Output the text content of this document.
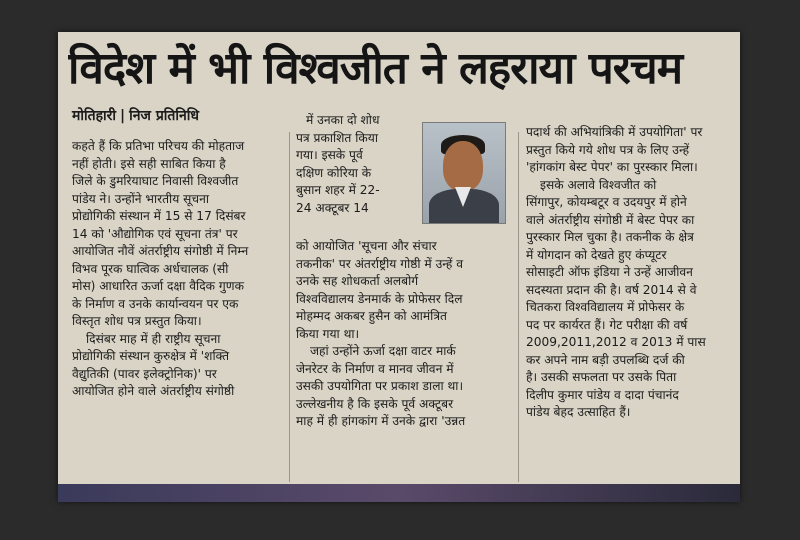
विदेश में भी विश्वजीत ने लहराया परचम
मोतिहारी | निज प्रतिनिधि

कहते हैं कि प्रतिभा परिचय की मोहताज

नहीं होती। इसे सही साबित किया है

जिले के डुमरियाघाट निवासी विश्वजीत

पांडेय ने। उन्होंने भारतीय सूचना

प्रोद्योगिकी संस्थान में 15 से 17 दिसंबर

14 को 'औद्योगिक एवं सूचना तंत्र' पर

आयोजित नौवें अंतर्राष्ट्रीय संगोष्ठी में निम्न

विभव पूरक घात्विक अर्धचालक (सी

मोस) आधारित ऊर्जा दक्षा वैदिक गुणक

के निर्माण व उनके कार्यान्वयन पर एक

विस्तृत शोध पत्र प्रस्तुत किया।

दिसंबर माह में ही राष्ट्रीय सूचना

प्रोद्योगिकी संस्थान कुरुक्षेत्र में 'शक्ति

वैद्युतिकी (पावर इलेक्ट्रोनिक)' पर

आयोजित होने वाले अंतर्राष्ट्रीय संगोष्ठी

में उनका दो शोध

पत्र प्रकाशित किया

गया। इसके पूर्व

दक्षिण कोरिया के

बुसान शहर में 22-

24 अक्टूबर 14

को आयोजित 'सूचना और संचार

तकनीक' पर अंतर्राष्ट्रीय गोष्ठी में उन्हें व

उनके सह शोधकर्ता अलबोर्ग

विश्वविद्यालय डेनमार्क के प्रोफेसर दिल

मोहम्मद अकबर हुसैन को आमंत्रित

किया गया था।

जहां उन्होंने ऊर्जा दक्षा वाटर मार्क

जेनरेटर के निर्माण व मानव जीवन में

उसकी उपयोगिता पर प्रकाश डाला था।

उल्लेखनीय है कि इसके पूर्व अक्टूबर

माह में ही हांगकांग में उनके द्वारा 'उन्नत

पदार्थ की अभियांत्रिकी में उपयोगिता' पर

प्रस्तुत किये गये शोध पत्र के लिए उन्हें

'हांगकांग बेस्ट पेपर' का पुरस्कार मिला।

इसके अलावे विश्वजीत को

सिंगापुर, कोयम्बटूर व उदयपुर में होने

वाले अंतर्राष्ट्रीय संगोष्ठी में बेस्ट पेपर का

पुरस्कार मिल चुका है। तकनीक के क्षेत्र

में योगदान को देखते हुए कंप्यूटर

सोसाइटी ऑफ इंडिया ने उन्हें आजीवन

सदस्यता प्रदान की है। वर्ष 2014 से वे

चितकरा विश्वविद्यालय में प्रोफेसर के

पद पर कार्यरत हैं। गेट परीक्षा की वर्ष

2009,2011,2012 व 2013 में पास

कर अपने नाम बड़ी उपलब्धि दर्ज की

है। उसकी सफलता पर उसके पिता

दिलीप कुमार पांडेय व दादा पंचानंद

पांडेय बेहद उत्साहित हैं।
